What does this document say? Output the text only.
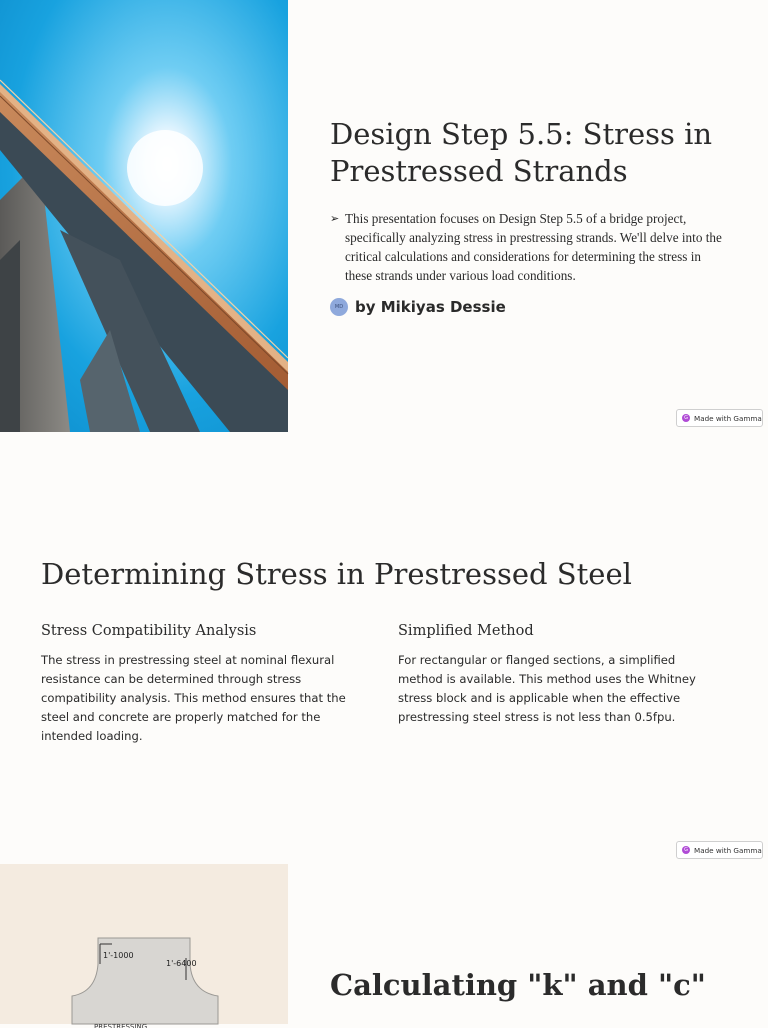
Design Step 5.5: Stress in Prestressed Strands
➢ This presentation focuses on Design Step 5.5 of a bridge project, specifically analyzing stress in prestressing strands. We'll delve into the critical calculations and considerations for determining the stress in these strands under various load conditions.

MD by Mikiyas Dessie
G Made with Gamma
Determining Stress in Prestressed Steel
Stress Compatibility Analysis

The stress in prestressing steel at nominal flexural resistance can be determined through stress compatibility analysis. This method ensures that the steel and concrete are properly matched for the intended loading.

Simplified Method

For rectangular or flanged sections, a simplified method is available. This method uses the Whitney stress block and is applicable when the effective prestressing steel stress is not less than 0.5fpu.

G Made with Gamma
1'-1000
1'-6400
PRESTRESSING
Calculating "k" and "c"
